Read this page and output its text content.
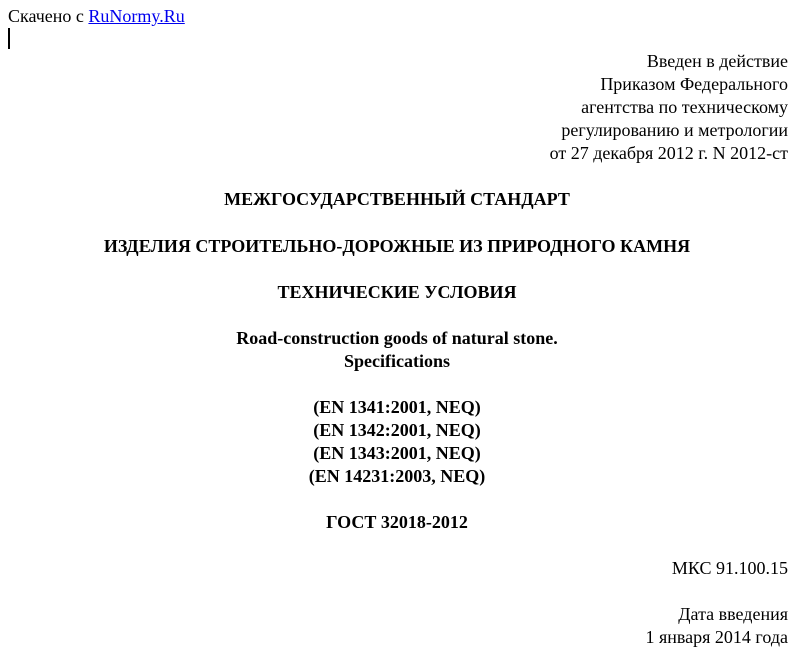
Скачено с RuNormy.Ru
Введен в действие
Приказом Федерального
агентства по техническому
регулированию и метрологии
от 27 декабря 2012 г. N 2012-ст
МЕЖГОСУДАРСТВЕННЫЙ СТАНДАРТ
ИЗДЕЛИЯ СТРОИТЕЛЬНО-ДОРОЖНЫЕ ИЗ ПРИРОДНОГО КАМНЯ
ТЕХНИЧЕСКИЕ УСЛОВИЯ
Road-construction goods of natural stone.
Specifications
(EN 1341:2001, NEQ)
(EN 1342:2001, NEQ)
(EN 1343:2001, NEQ)
(EN 14231:2003, NEQ)
ГОСТ 32018-2012
МКС 91.100.15
Дата введения
1 января 2014 года
